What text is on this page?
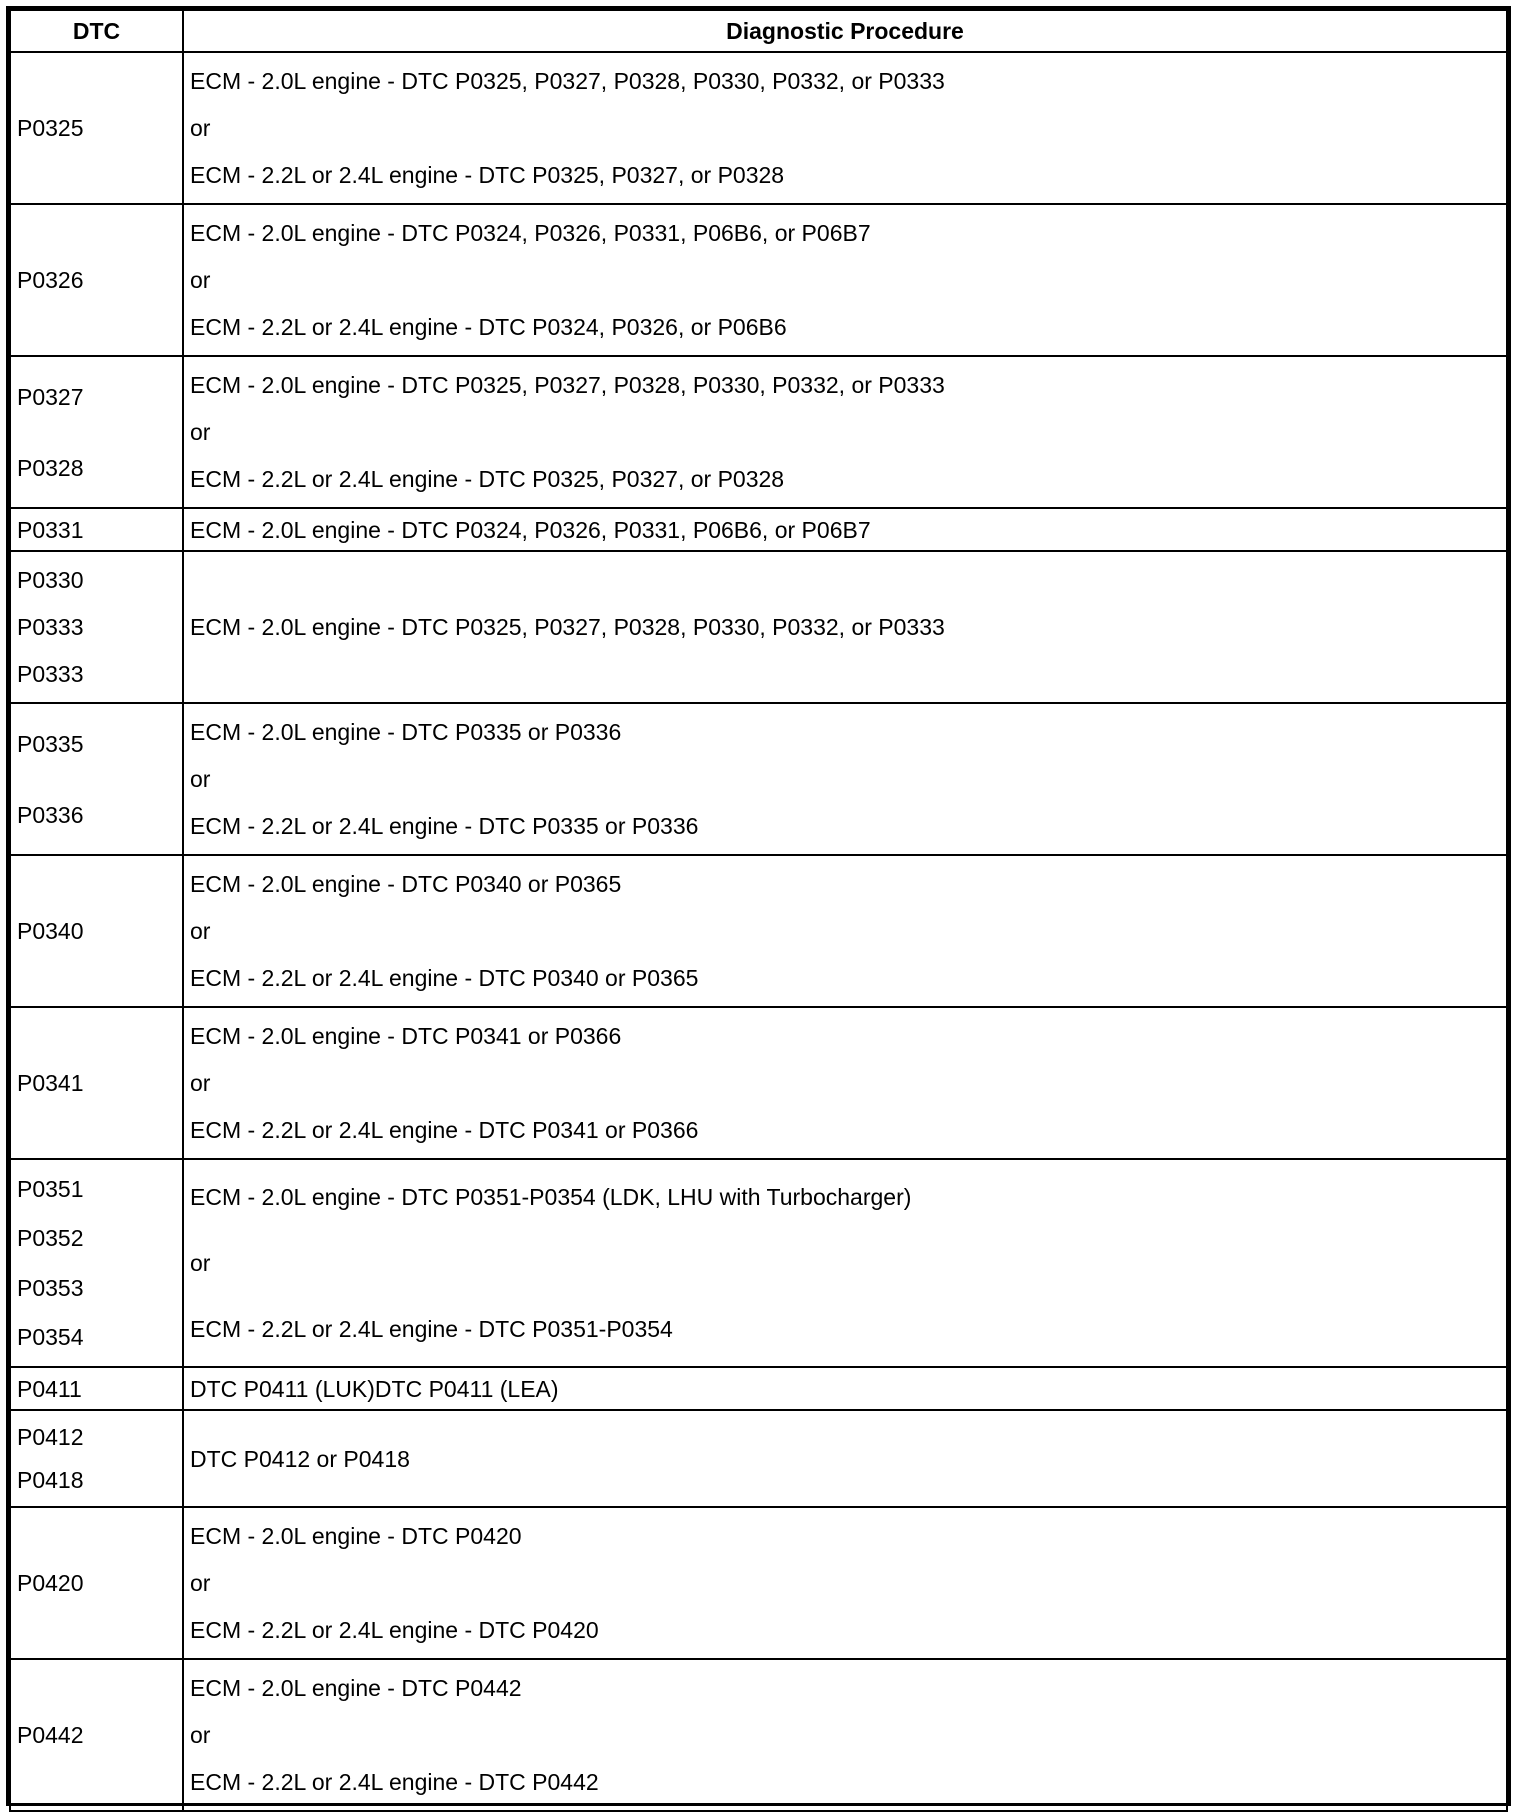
DTC	Diagnostic Procedure

P0325	ECM - 2.0L engine - DTC P0325, P0327, P0328, P0330, P0332, or P0333
or
ECM - 2.2L or 2.4L engine - DTC P0325, P0327, or P0328

P0326	ECM - 2.0L engine - DTC P0324, P0326, P0331, P06B6, or P06B7
or
ECM - 2.2L or 2.4L engine - DTC P0324, P0326, or P06B6

P0327
P0328	ECM - 2.0L engine - DTC P0325, P0327, P0328, P0330, P0332, or P0333
or
ECM - 2.2L or 2.4L engine - DTC P0325, P0327, or P0328

P0331	ECM - 2.0L engine - DTC P0324, P0326, P0331, P06B6, or P06B7

P0330
P0333
P0333	ECM - 2.0L engine - DTC P0325, P0327, P0328, P0330, P0332, or P0333

P0335
P0336	ECM - 2.0L engine - DTC P0335 or P0336
or
ECM - 2.2L or 2.4L engine - DTC P0335 or P0336

P0340	ECM - 2.0L engine - DTC P0340 or P0365
or
ECM - 2.2L or 2.4L engine - DTC P0340 or P0365

P0341	ECM - 2.0L engine - DTC P0341 or P0366
or
ECM - 2.2L or 2.4L engine - DTC P0341 or P0366

P0351
P0352
P0353
P0354	ECM - 2.0L engine - DTC P0351-P0354 (LDK, LHU with Turbocharger)
or
ECM - 2.2L or 2.4L engine - DTC P0351-P0354

P0411	DTC P0411 (LUK)DTC P0411 (LEA)

P0412
P0418	DTC P0412 or P0418

P0420	ECM - 2.0L engine - DTC P0420
or
ECM - 2.2L or 2.4L engine - DTC P0420

P0442	ECM - 2.0L engine - DTC P0442
or
ECM - 2.2L or 2.4L engine - DTC P0442
